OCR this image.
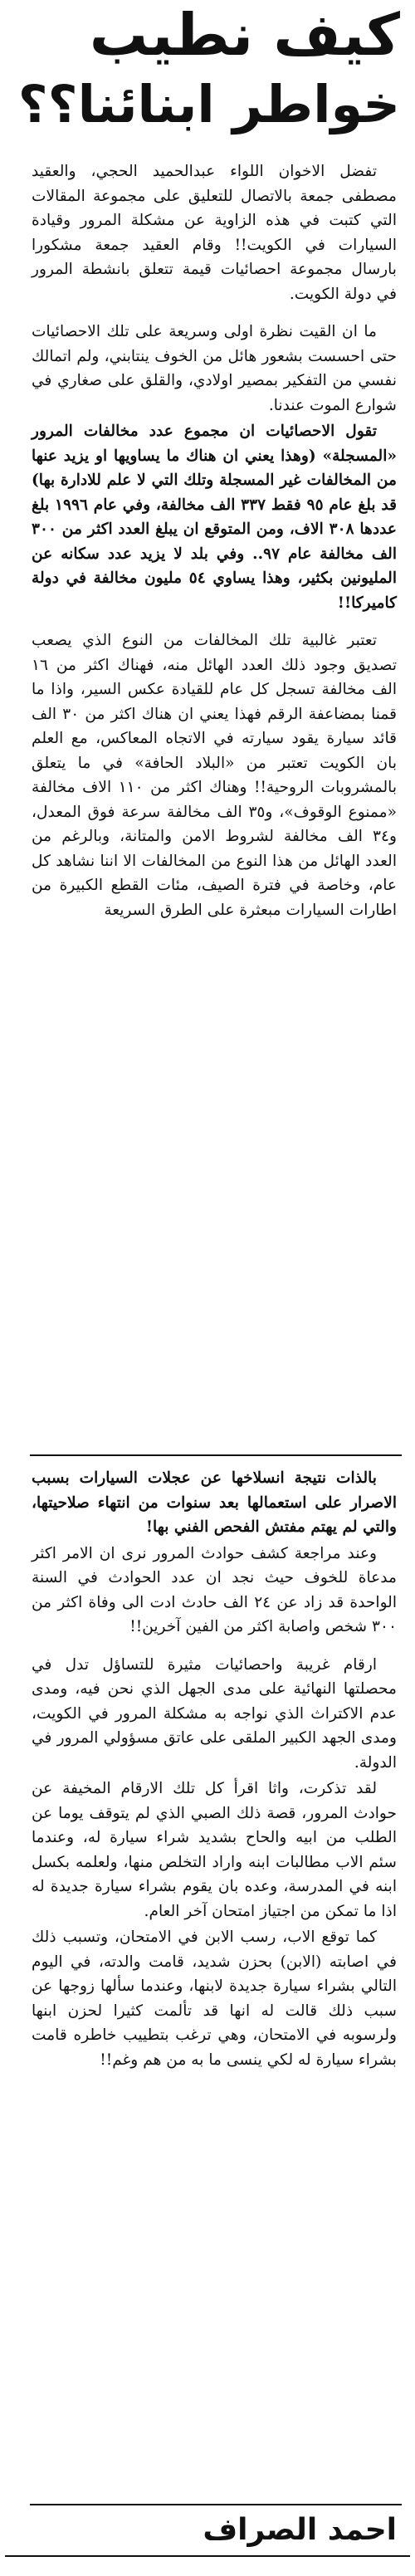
كيف نطيب
خواطر ابنائنا؟؟

تفضل الاخوان اللواء عبدالحميد الحجي، والعقيد مصطفى جمعة بالاتصال للتعليق على مجموعة المقالات التي كتبت في هذه الزاوية عن مشكلة المرور وقيادة السيارات في الكويت!! وقام العقيد جمعة مشكورا بارسال مجموعة احصائيات قيمة تتعلق بانشطة المرور في دولة الكويت.

ما ان القيت نظرة اولى وسريعة على تلك الاحصائيات حتى احسست بشعور هائل من الخوف ينتابني، ولم اتمالك نفسي من التفكير بمصير اولادي، والقلق على صغاري في شوارع الموت عندنا.

تقول الاحصائيات ان مجموع عدد مخالفات المرور «المسجلة» (وهذا يعني ان هناك ما يساويها او يزيد عنها من المخالفات غير المسجلة وتلك التي لا علم للادارة بها) قد بلغ عام ٩٥ فقط ٣٣٧ الف مخالفة، وفي عام ١٩٩٦ بلغ عددها ٣٠٨ الاف، ومن المتوقع ان يبلغ العدد اكثر من ٣٠٠ الف مخالفة عام ٩٧.. وفي بلد لا يزيد عدد سكانه عن المليونين بكثير، وهذا يساوي ٥٤ مليون مخالفة في دولة كاميركا!!

تعتبر غالبية تلك المخالفات من النوع الذي يصعب تصديق وجود ذلك العدد الهائل منه، فهناك اكثر من ١٦ الف مخالفة تسجل كل عام للقيادة عكس السير، واذا ما قمنا بمضاعفة الرقم فهذا يعني ان هناك اكثر من ٣٠ الف قائد سيارة يقود سيارته في الاتجاه المعاكس، مع العلم بان الكويت تعتبر من «البلاد الحافة» في ما يتعلق بالمشروبات الروحية!! وهناك اكثر من ١١٠ الاف مخالفة «ممنوع الوقوف»، و٣٥ الف مخالفة سرعة فوق المعدل، و٣٤ الف مخالفة لشروط الامن والمتانة، وبالرغم من العدد الهائل من هذا النوع من المخالفات الا اننا نشاهد كل عام، وخاصة في فترة الصيف، مئات القطع الكبيرة من اطارات السيارات مبعثرة على الطرق السريعة

بالذات نتيجة انسلاخها عن عجلات السيارات بسبب الاصرار على استعمالها بعد سنوات من انتهاء صلاحيتها، والتي لم يهتم مفتش الفحص الفني بها!

وعند مراجعة كشف حوادث المرور نرى ان الامر اكثر مدعاة للخوف حيث نجد ان عدد الحوادث في السنة الواحدة قد زاد عن ٢٤ الف حادث ادت الى وفاة اكثر من ٣٠٠ شخص واصابة اكثر من الفين آخرين!!

ارقام غريبة واحصائيات مثيرة للتساؤل تدل في محصلتها النهائية على مدى الجهل الذي نحن فيه، ومدى عدم الاكتراث الذي نواجه به مشكلة المرور في الكويت، ومدى الجهد الكبير الملقى على عاتق مسؤولي المرور في الدولة.

لقد تذكرت، واثا اقرأ كل تلك الارقام المخيفة عن حوادث المرور، قصة ذلك الصبي الذي لم يتوقف يوما عن الطلب من ابيه والحاح بشديد شراء سيارة له، وعندما سئم الاب مطالبات ابنه واراد التخلص منها، ولعلمه بكسل ابنه في المدرسة، وعده بان يقوم بشراء سيارة جديدة له اذا ما تمكن من اجتياز امتحان آخر العام.

كما توقع الاب، رسب الابن في الامتحان، وتسبب ذلك في اصابته (الابن) بحزن شديد، قامت والدته، في اليوم التالي بشراء سيارة جديدة لابنها، وعندما سألها زوجها عن سبب ذلك قالت له انها قد تألمت كثيرا لحزن ابنها ولرسوبه في الامتحان، وهي ترغب بتطييب خاطره قامت بشراء سيارة له لكي ينسى ما به من هم وغم!!

احمد الصراف
